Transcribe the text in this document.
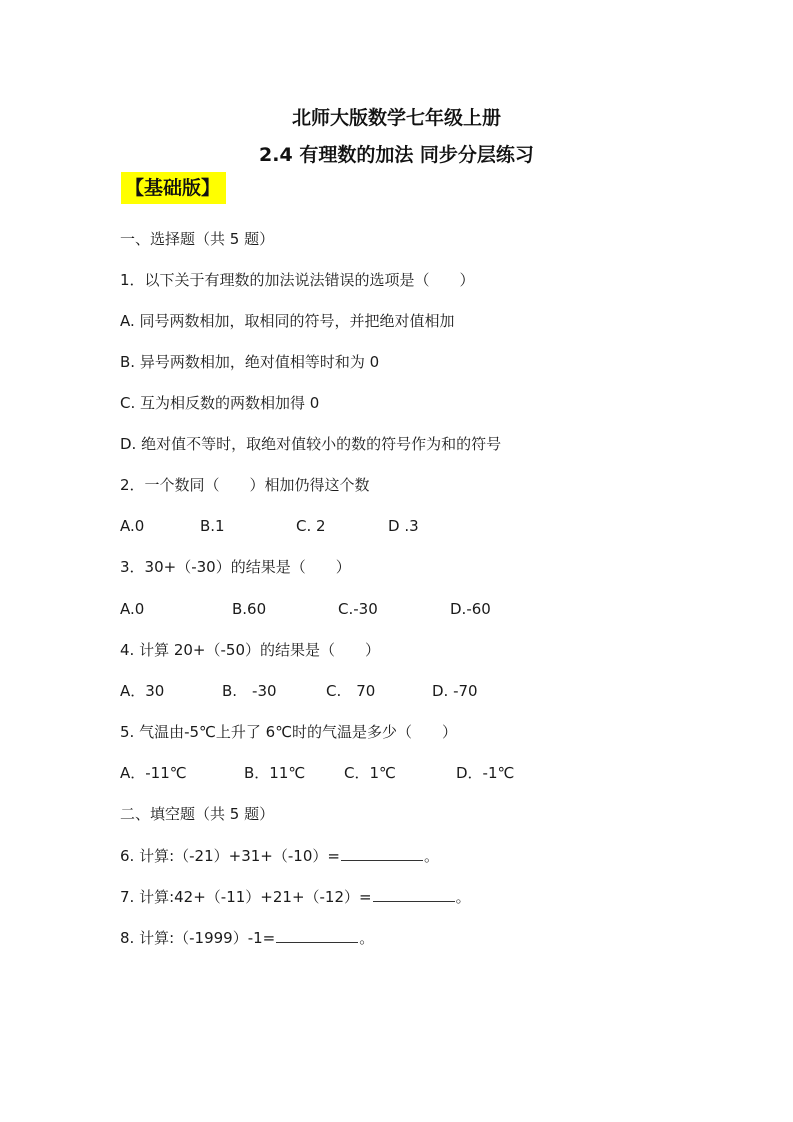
北师大版数学七年级上册
2.4 有理数的加法 同步分层练习
【基础版】
一、选择题（共 5 题）
1．以下关于有理数的加法说法错误的选项是（　　）
A. 同号两数相加，取相同的符号，并把绝对值相加
B. 异号两数相加，绝对值相等时和为 0
C. 互为相反数的两数相加得 0
D. 绝对值不等时，取绝对值较小的数的符号作为和的符号
2．一个数同（　　）相加仍得这个数
A.0	B.1	C. 2	D .3
3．30+（-30）的结果是（　　）
A.0	B.60	C.-30	D.-60
4. 计算 20+（-50）的结果是（　　）
A．30	B.　-30	C.　70	D. -70
5. 气温由-5℃上升了 6℃时的气温是多少（　　）
A．-11℃	B．11℃	C．1℃	D．-1℃
二、填空题（共 5 题）
6. 计算:（-21）+31+（-10）=	。
7. 计算:42+（-11）+21+（-12）=	。
8. 计算:（-1999）-1=	。
